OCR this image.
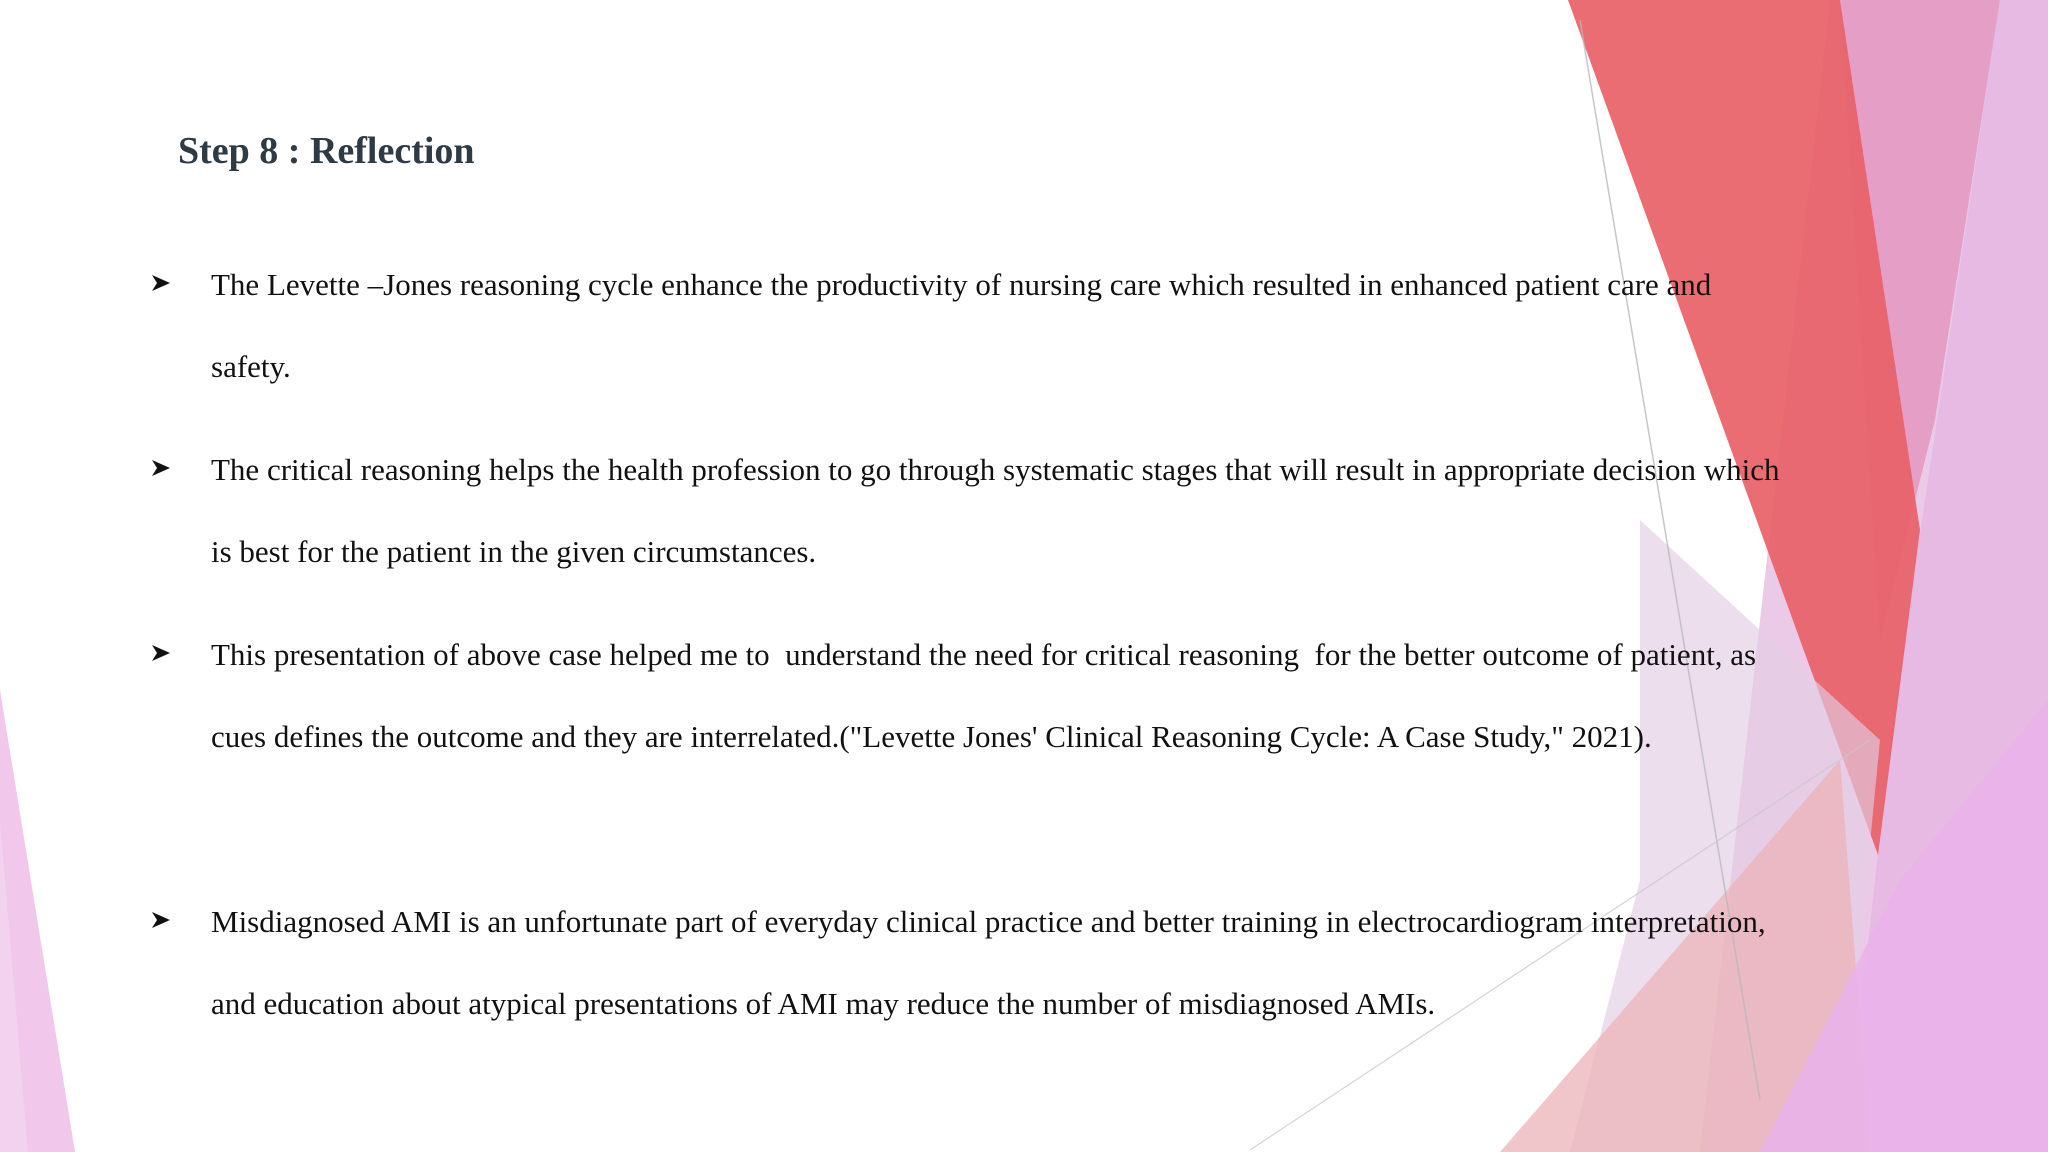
Step 8 : Reflection
The Levette –Jones reasoning cycle enhance the productivity of nursing care which resulted in enhanced patient care and safety.
The critical reasoning helps the health profession to go through systematic stages that will result in appropriate decision which is best for the patient in the given circumstances.
This presentation of above case helped me to  understand the need for critical reasoning  for the better outcome of patient, as cues defines the outcome and they are interrelated.("Levette Jones' Clinical Reasoning Cycle: A Case Study," 2021).
Misdiagnosed AMI is an unfortunate part of everyday clinical practice and better training in electrocardiogram interpretation, and education about atypical presentations of AMI may reduce the number of misdiagnosed AMIs.
